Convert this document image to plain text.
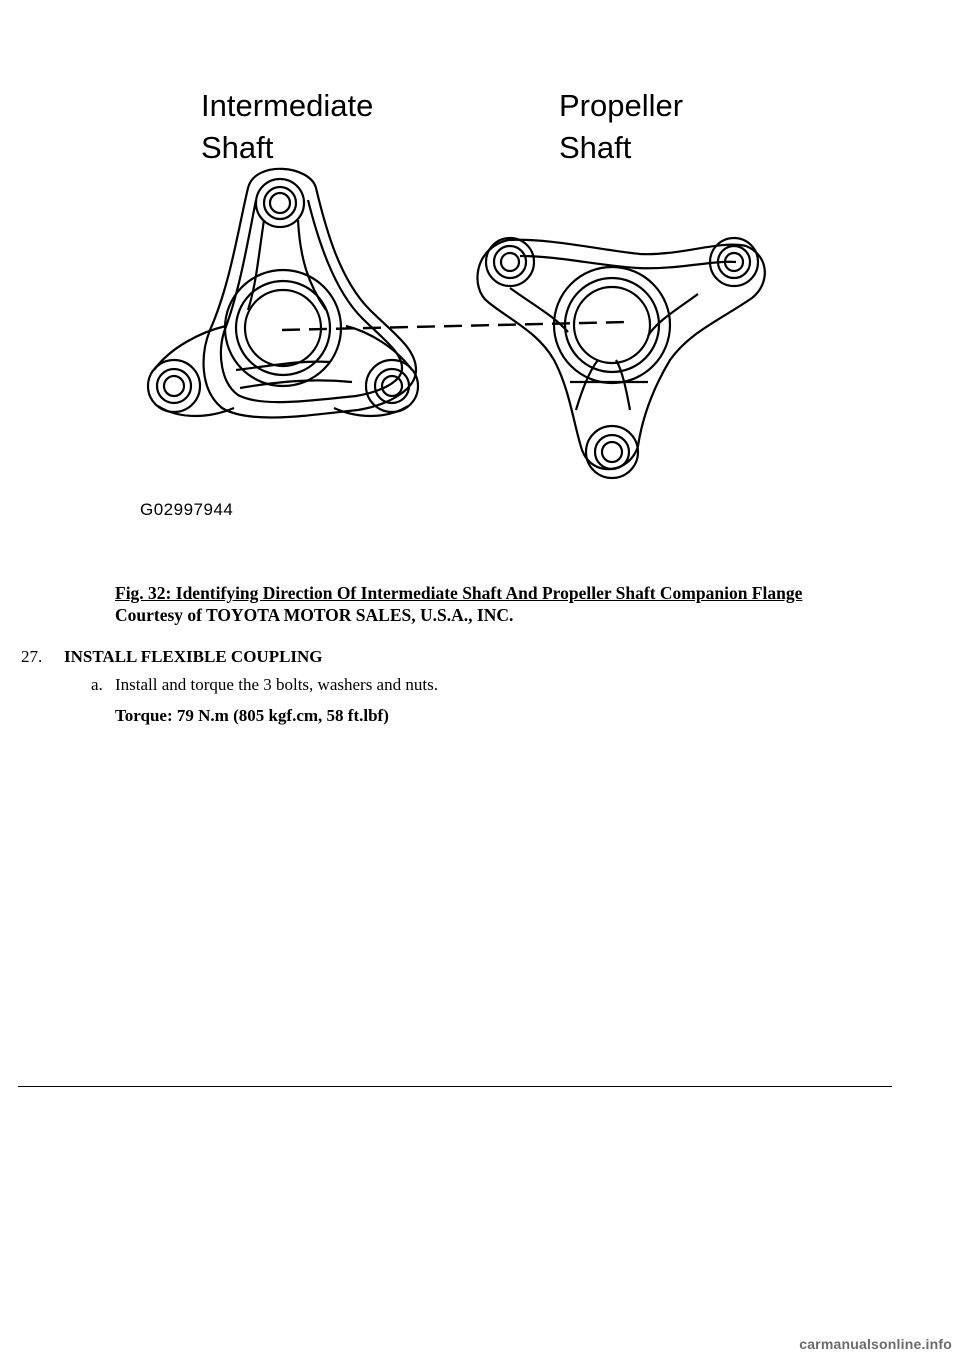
Intermediate
Shaft
Propeller
Shaft
G02997944
Fig. 32: Identifying Direction Of Intermediate Shaft And Propeller Shaft Companion Flange
Courtesy of TOYOTA MOTOR SALES, U.S.A., INC.
27. INSTALL FLEXIBLE COUPLING
a. Install and torque the 3 bolts, washers and nuts.
Torque: 79 N.m (805 kgf.cm, 58 ft.lbf)
carmanualsonline.info
